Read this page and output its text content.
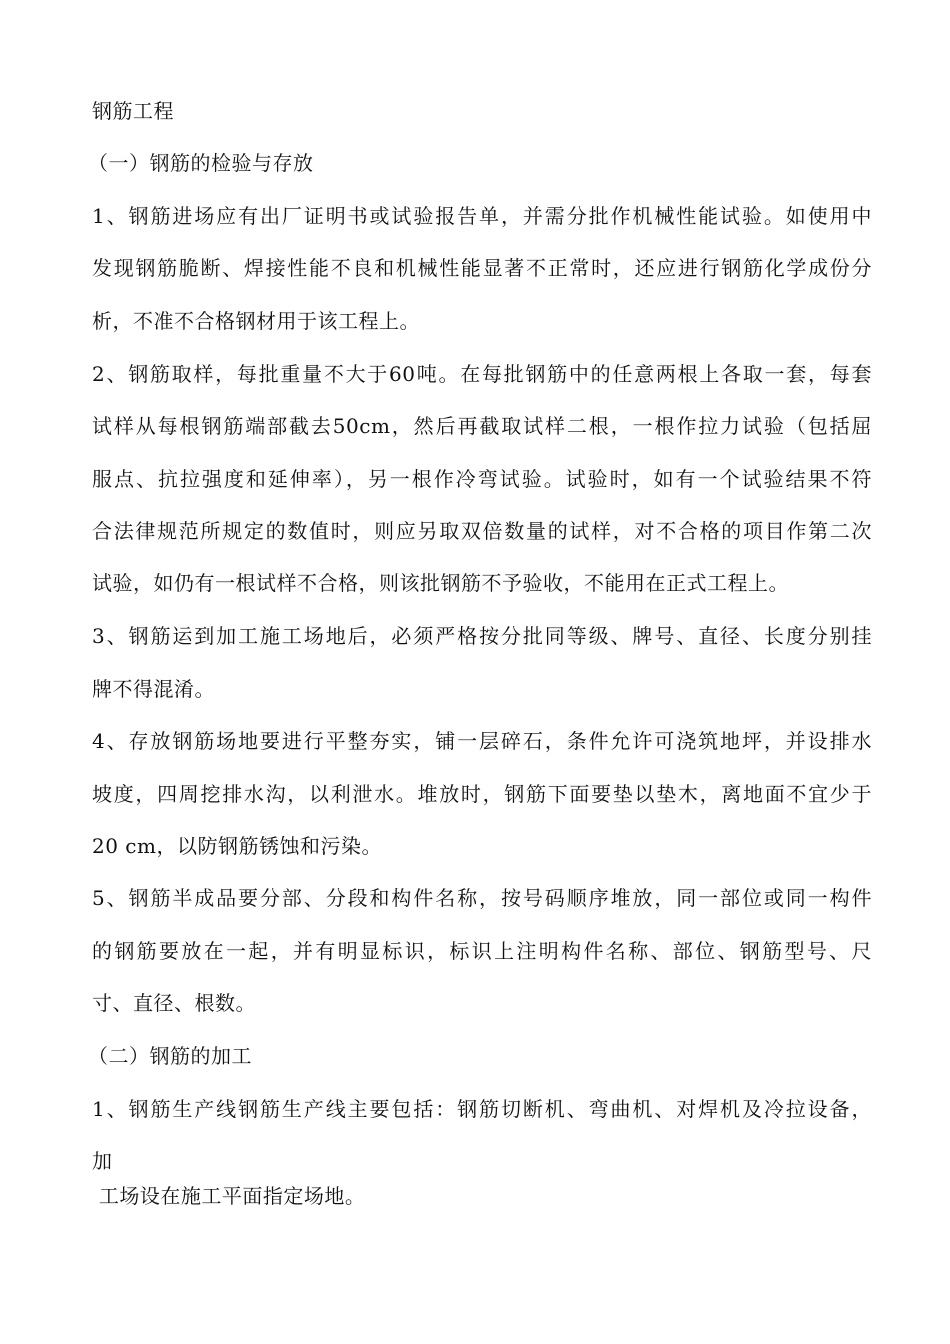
钢筋工程
（一）钢筋的检验与存放
1、钢筋进场应有出厂证明书或试验报告单，并需分批作机械性能试验。如使用中
发现钢筋脆断、焊接性能不良和机械性能显著不正常时，还应进行钢筋化学成份分
析，不准不合格钢材用于该工程上。
2、钢筋取样，每批重量不大于60吨。在每批钢筋中的任意两根上各取一套，每套
试样从每根钢筋端部截去50cm，然后再截取试样二根，一根作拉力试验（包括屈
服点、抗拉强度和延伸率），另一根作冷弯试验。试验时，如有一个试验结果不符
合法律规范所规定的数值时，则应另取双倍数量的试样，对不合格的项目作第二次
试验，如仍有一根试样不合格，则该批钢筋不予验收，不能用在正式工程上。
3、钢筋运到加工施工场地后，必须严格按分批同等级、牌号、直径、长度分别挂
牌不得混淆。
4、存放钢筋场地要进行平整夯实，铺一层碎石，条件允许可浇筑地坪，并设排水
坡度，四周挖排水沟，以利泄水。堆放时，钢筋下面要垫以垫木，离地面不宜少于
20 cm，以防钢筋锈蚀和污染。
5、钢筋半成品要分部、分段和构件名称，按号码顺序堆放，同一部位或同一构件
的钢筋要放在一起，并有明显标识，标识上注明构件名称、部位、钢筋型号、尺
寸、直径、根数。
（二）钢筋的加工
1、钢筋生产线钢筋生产线主要包括：钢筋切断机、弯曲机、对焊机及冷拉设备，
加
工场设在施工平面指定场地。
